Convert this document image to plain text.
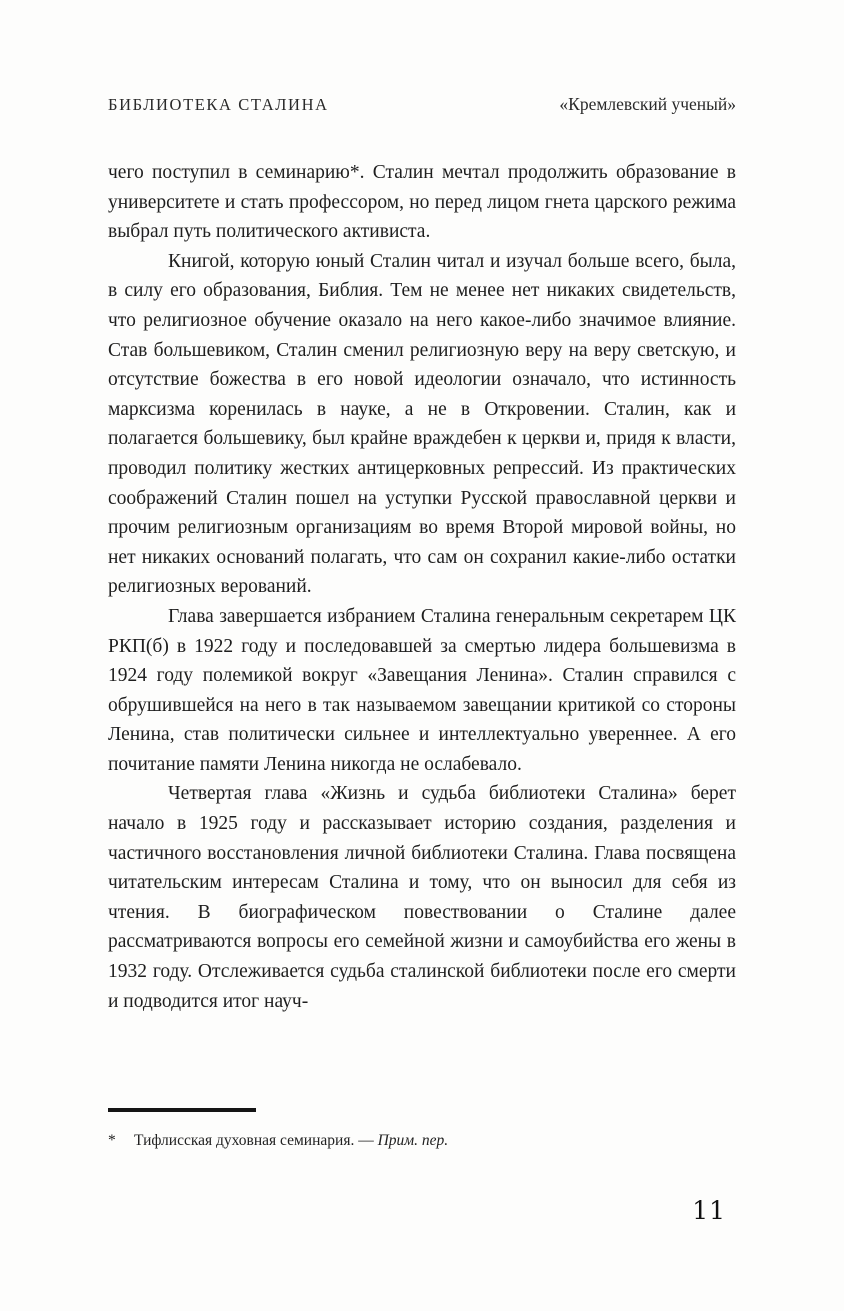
БИБЛИОТЕКА СТАЛИНА	«Кремлевский ученый»

чего поступил в семинарию*. Сталин мечтал продолжить образование в университете и стать профессором, но перед лицом гнета царского режима выбрал путь политического активиста.

Книгой, которую юный Сталин читал и изучал больше всего, была, в силу его образования, Библия. Тем не менее нет никаких свидетельств, что религиозное обучение оказало на него какое-либо значимое влияние. Став большевиком, Сталин сменил религиозную веру на веру светскую, и отсутствие божества в его новой идеологии означало, что истинность марксизма коренилась в науке, а не в Откровении. Сталин, как и полагается большевику, был крайне враждебен к церкви и, придя к власти, проводил политику жестких антицерковных репрессий. Из практических соображений Сталин пошел на уступки Русской православной церкви и прочим религиозным организациям во время Второй мировой войны, но нет никаких оснований полагать, что сам он сохранил какие-либо остатки религиозных верований.

Глава завершается избранием Сталина генеральным секретарем ЦК РКП(б) в 1922 году и последовавшей за смертью лидера большевизма в 1924 году полемикой вокруг «Завещания Ленина». Сталин справился с обрушившейся на него в так называемом завещании критикой со стороны Ленина, став политически сильнее и интеллектуально увереннее. А его почитание памяти Ленина никогда не ослабевало.

Четвертая глава «Жизнь и судьба библиотеки Сталина» берет начало в 1925 году и рассказывает историю создания, разделения и частичного восстановления личной библиотеки Сталина. Глава посвящена читательским интересам Сталина и тому, что он выносил для себя из чтения. В биографическом повествовании о Сталине далее рассматриваются вопросы его семейной жизни и самоубийства его жены в 1932 году. Отслеживается судьба сталинской библиотеки после его смерти и подводится итог науч-

* Тифлисская духовная семинария. — Прим. пер.
11
